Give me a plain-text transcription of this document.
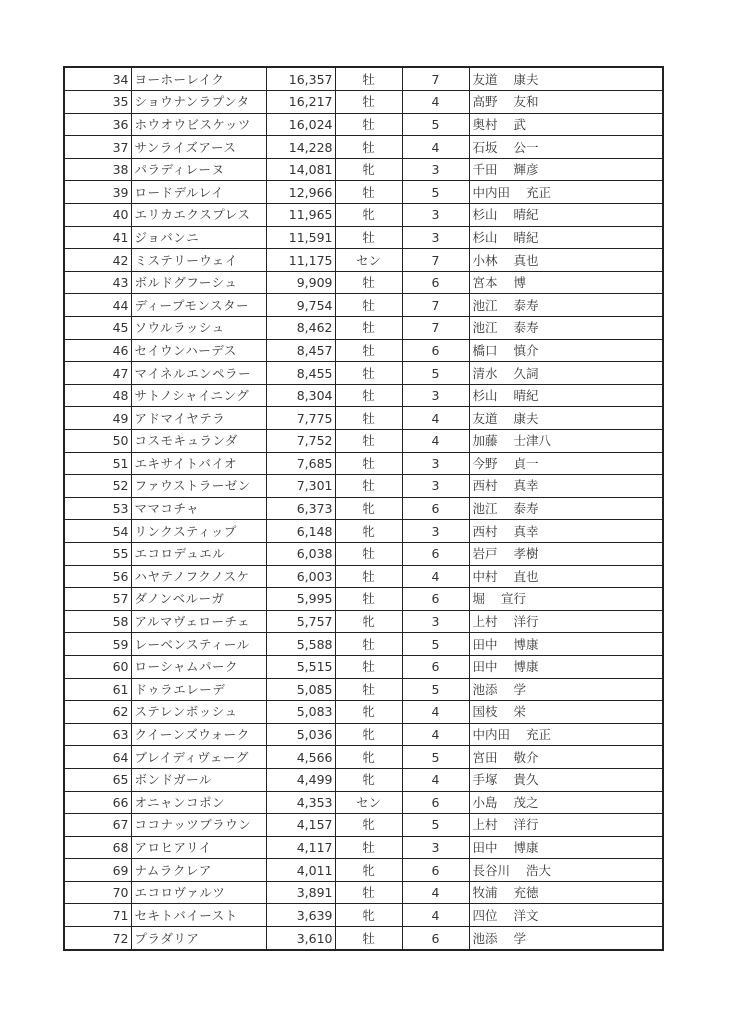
34	ヨーホーレイク	16,357	牡	7	友道 康夫
35	ショウナンラプンタ	16,217	牡	4	高野 友和
36	ホウオウビスケッツ	16,024	牡	5	奥村 武
37	サンライズアース	14,228	牡	4	石坂 公一
38	パラディレーヌ	14,081	牝	3	千田 輝彦
39	ロードデルレイ	12,966	牡	5	中内田 充正
40	エリカエクスプレス	11,965	牝	3	杉山 晴紀
41	ジョバンニ	11,591	牡	3	杉山 晴紀
42	ミステリーウェイ	11,175	セン	7	小林 真也
43	ボルドグフーシュ	9,909	牡	6	宮本 博
44	ディープモンスター	9,754	牡	7	池江 泰寿
45	ソウルラッシュ	8,462	牡	7	池江 泰寿
46	セイウンハーデス	8,457	牡	6	橋口 慎介
47	マイネルエンペラー	8,455	牡	5	清水 久詞
48	サトノシャイニング	8,304	牡	3	杉山 晴紀
49	アドマイヤテラ	7,775	牡	4	友道 康夫
50	コスモキュランダ	7,752	牡	4	加藤 士津八
51	エキサイトバイオ	7,685	牡	3	今野 貞一
52	ファウストラーゼン	7,301	牡	3	西村 真幸
53	ママコチャ	6,373	牝	6	池江 泰寿
54	リンクスティップ	6,148	牝	3	西村 真幸
55	エコロデュエル	6,038	牡	6	岩戸 孝樹
56	ハヤテノフクノスケ	6,003	牡	4	中村 直也
57	ダノンベルーガ	5,995	牡	6	堀 宣行
58	アルマヴェローチェ	5,757	牝	3	上村 洋行
59	レーベンスティール	5,588	牡	5	田中 博康
60	ローシャムパーク	5,515	牡	6	田中 博康
61	ドゥラエレーデ	5,085	牡	5	池添 学
62	ステレンボッシュ	5,083	牝	4	国枝 栄
63	クイーンズウォーク	5,036	牝	4	中内田 充正
64	ブレイディヴェーグ	4,566	牝	5	宮田 敬介
65	ボンドガール	4,499	牝	4	手塚 貴久
66	オニャンコポン	4,353	セン	6	小島 茂之
67	ココナッツブラウン	4,157	牝	5	上村 洋行
68	アロヒアリイ	4,117	牡	3	田中 博康
69	ナムラクレア	4,011	牝	6	長谷川 浩大
70	エコロヴァルツ	3,891	牡	4	牧浦 充徳
71	セキトバイースト	3,639	牝	4	四位 洋文
72	プラダリア	3,610	牡	6	池添 学
